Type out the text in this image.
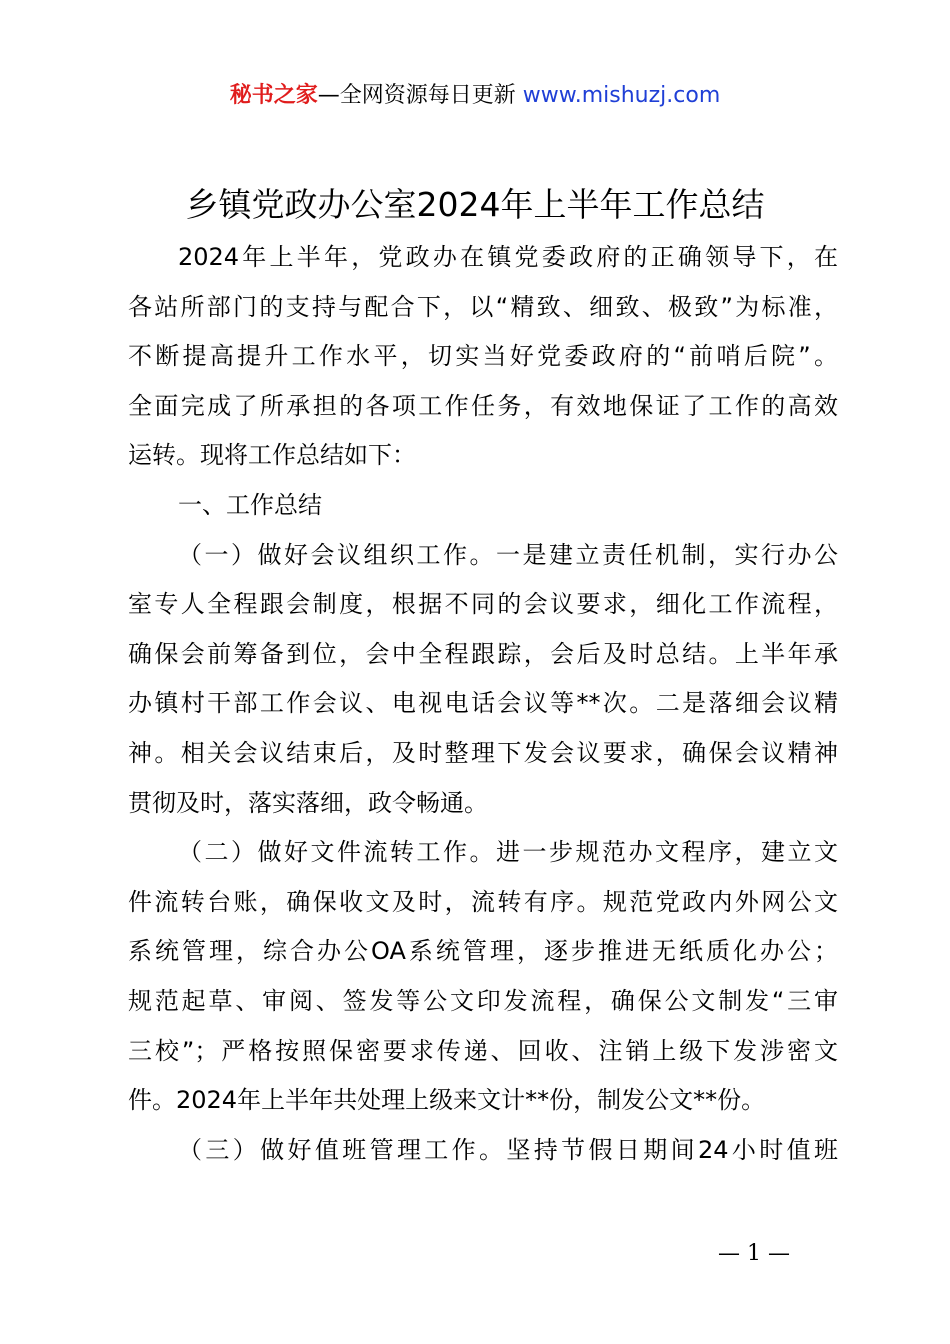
秘书之家—全网资源每日更新 www.mishuzj.com
乡镇党政办公室2024年上半年工作总结
2024年上半年，党政办在镇党委政府的正确领导下，在
各站所部门的支持与配合下，以“精致、细致、极致”为标准，
不断提高提升工作水平，切实当好党委政府的“前哨后院”。
全面完成了所承担的各项工作任务，有效地保证了工作的高效
运转。现将工作总结如下：
一、工作总结
（一）做好会议组织工作。一是建立责任机制，实行办公
室专人全程跟会制度，根据不同的会议要求，细化工作流程，
确保会前筹备到位，会中全程跟踪，会后及时总结。上半年承
办镇村干部工作会议、电视电话会议等**次。二是落细会议精
神。相关会议结束后，及时整理下发会议要求，确保会议精神
贯彻及时，落实落细，政令畅通。
（二）做好文件流转工作。进一步规范办文程序，建立文
件流转台账，确保收文及时，流转有序。规范党政内外网公文
系统管理，综合办公OA系统管理，逐步推进无纸质化办公；
规范起草、审阅、签发等公文印发流程，确保公文制发“三审
三校”；严格按照保密要求传递、回收、注销上级下发涉密文
件。2024年上半年共处理上级来文计**份，制发公文**份。
（三）做好值班管理工作。坚持节假日期间24小时值班
— 1 —
